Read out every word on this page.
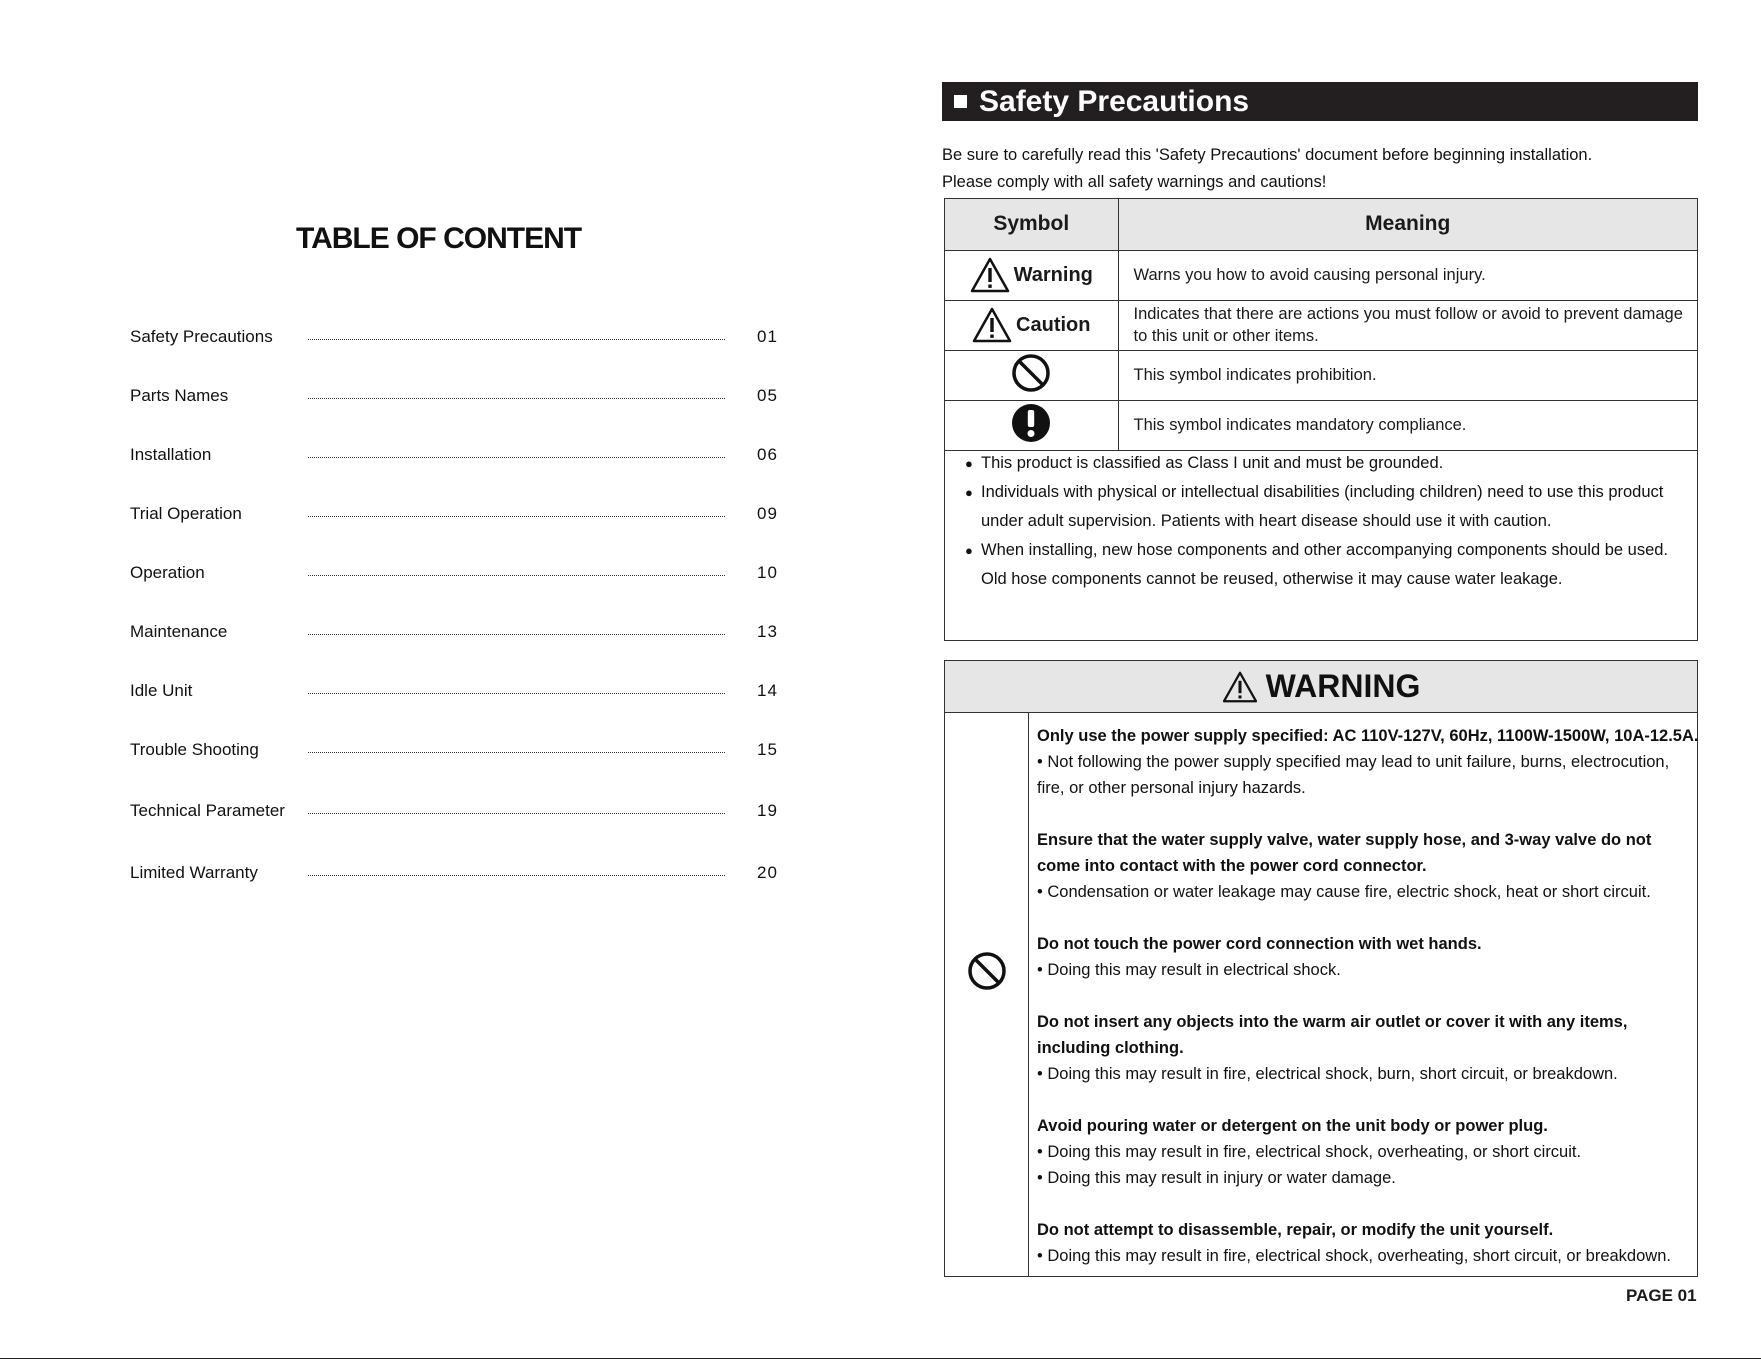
TABLE OF CONTENT
Safety Precautions	01
Parts Names	05
Installation	06
Trial Operation	09
Operation	10
Maintenance	13
Idle Unit	14
Trouble Shooting	15
Technical Parameter	19
Limited Warranty	20
Safety Precautions
Be sure to carefully read this 'Safety Precautions' document before beginning installation.
Please comply with all safety warnings and cautions!
Symbol	Meaning

Warning	Warns you how to avoid causing personal injury.

Caution	Indicates that there are actions you must follow or avoid to prevent damage to this unit or other items.
	This symbol indicates prohibition.
	This symbol indicates mandatory compliance.
● This product is classified as Class I unit and must be grounded.
● Individuals with physical or intellectual disabilities (including children) need to use this product under adult supervision. Patients with heart disease should use it with caution.
● When installing, new hose components and other accompanying components should be used. Old hose components cannot be reused, otherwise it may cause water leakage.
WARNING
Only use the power supply specified: AC 110V-127V, 60Hz, 1100W-1500W, 10A-12.5A.
• Not following the power supply specified may lead to unit failure, burns, electrocution, fire, or other personal injury hazards.
Ensure that the water supply valve, water supply hose, and 3-way valve do not come into contact with the power cord connector.
• Condensation or water leakage may cause fire, electric shock, heat or short circuit.
Do not touch the power cord connection with wet hands.
• Doing this may result in electrical shock.
Do not insert any objects into the warm air outlet or cover it with any items, including clothing.
• Doing this may result in fire, electrical shock, burn, short circuit, or breakdown.
Avoid pouring water or detergent on the unit body or power plug.
• Doing this may result in fire, electrical shock, overheating, or short circuit.
• Doing this may result in injury or water damage.
Do not attempt to disassemble, repair, or modify the unit yourself.
• Doing this may result in fire, electrical shock, overheating, short circuit, or breakdown.
PAGE 01
